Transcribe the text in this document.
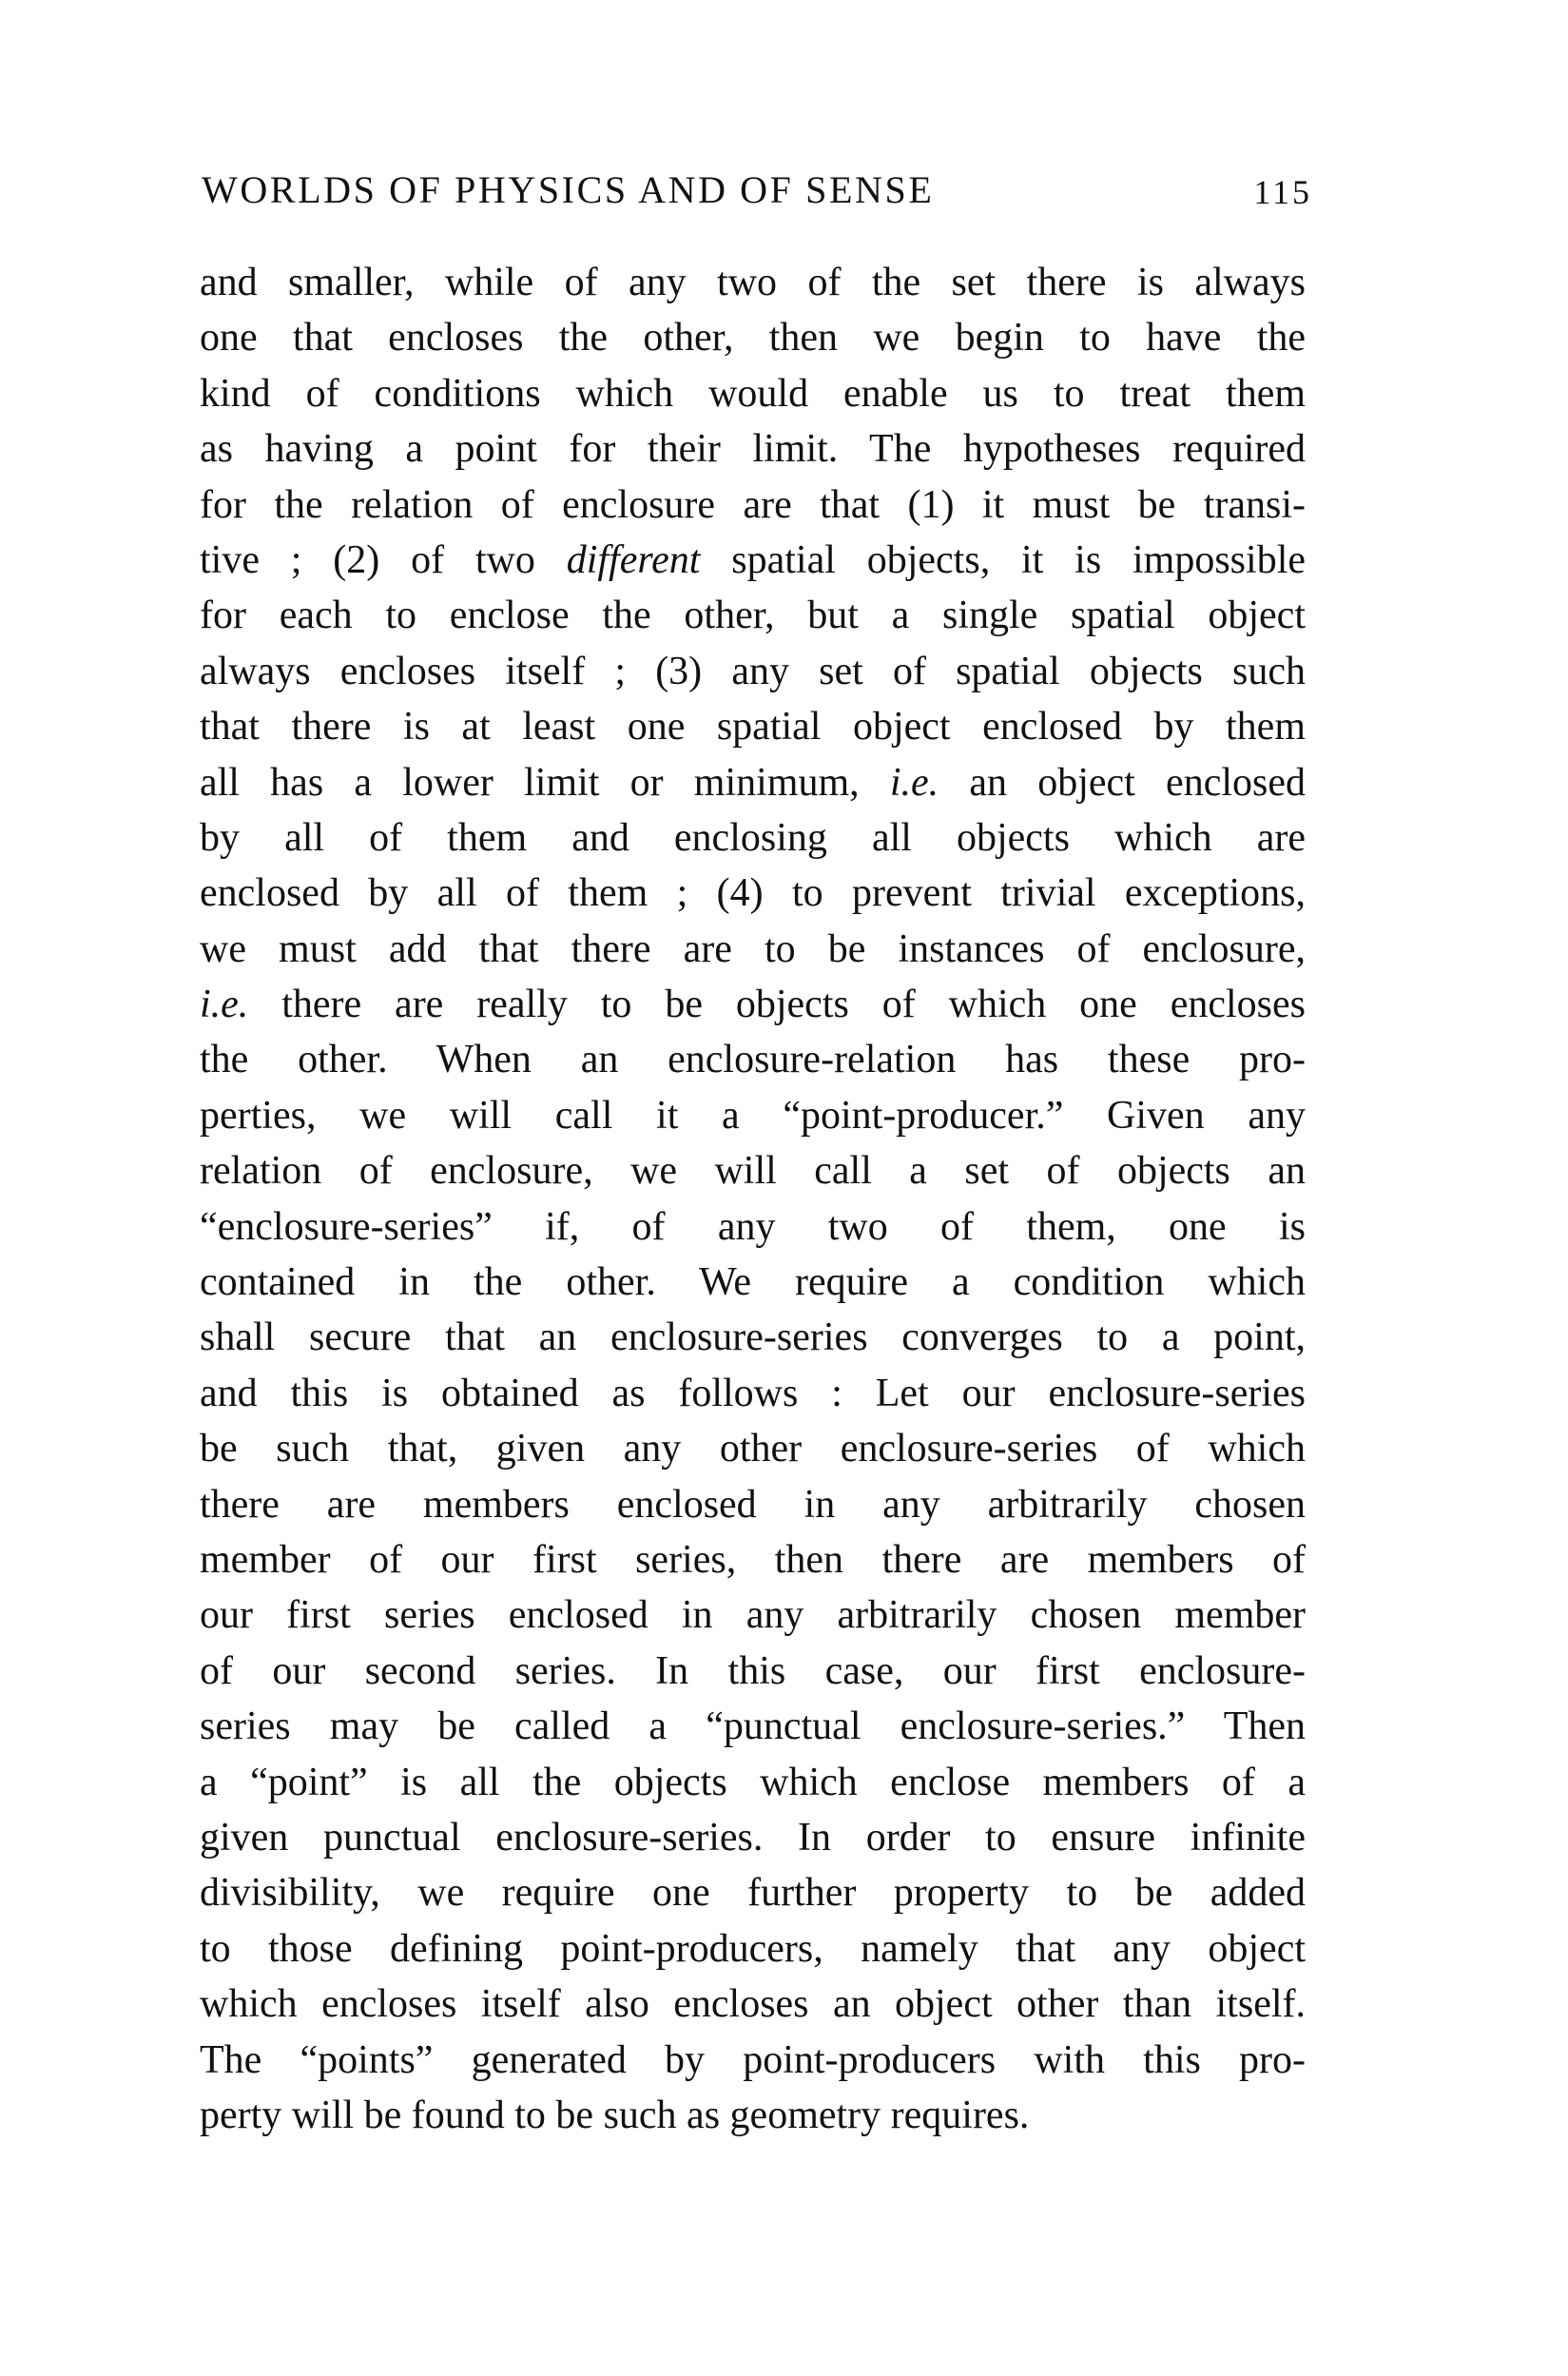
WORLDS OF PHYSICS AND OF SENSE	115
and smaller, while of any two of the set there is always
one that encloses the other, then we begin to have the
kind of conditions which would enable us to treat them
as having a point for their limit. The hypotheses required
for the relation of enclosure are that (1) it must be transi-
tive ; (2) of two different spatial objects, it is impossible
for each to enclose the other, but a single spatial object
always encloses itself ; (3) any set of spatial objects such
that there is at least one spatial object enclosed by them
all has a lower limit or minimum, i.e. an object enclosed
by all of them and enclosing all objects which are
enclosed by all of them ; (4) to prevent trivial exceptions,
we must add that there are to be instances of enclosure,
i.e. there are really to be objects of which one encloses
the other. When an enclosure-relation has these pro-
perties, we will call it a “point-producer.” Given any
relation of enclosure, we will call a set of objects an
“enclosure-series” if, of any two of them, one is
contained in the other. We require a condition which
shall secure that an enclosure-series converges to a point,
and this is obtained as follows : Let our enclosure-series
be such that, given any other enclosure-series of which
there are members enclosed in any arbitrarily chosen
member of our first series, then there are members of
our first series enclosed in any arbitrarily chosen member
of our second series. In this case, our first enclosure-
series may be called a “punctual enclosure-series.” Then
a “point” is all the objects which enclose members of a
given punctual enclosure-series. In order to ensure infinite
divisibility, we require one further property to be added
to those defining point-producers, namely that any object
which encloses itself also encloses an object other than itself.
The “points” generated by point-producers with this pro-
perty will be found to be such as geometry requires.
